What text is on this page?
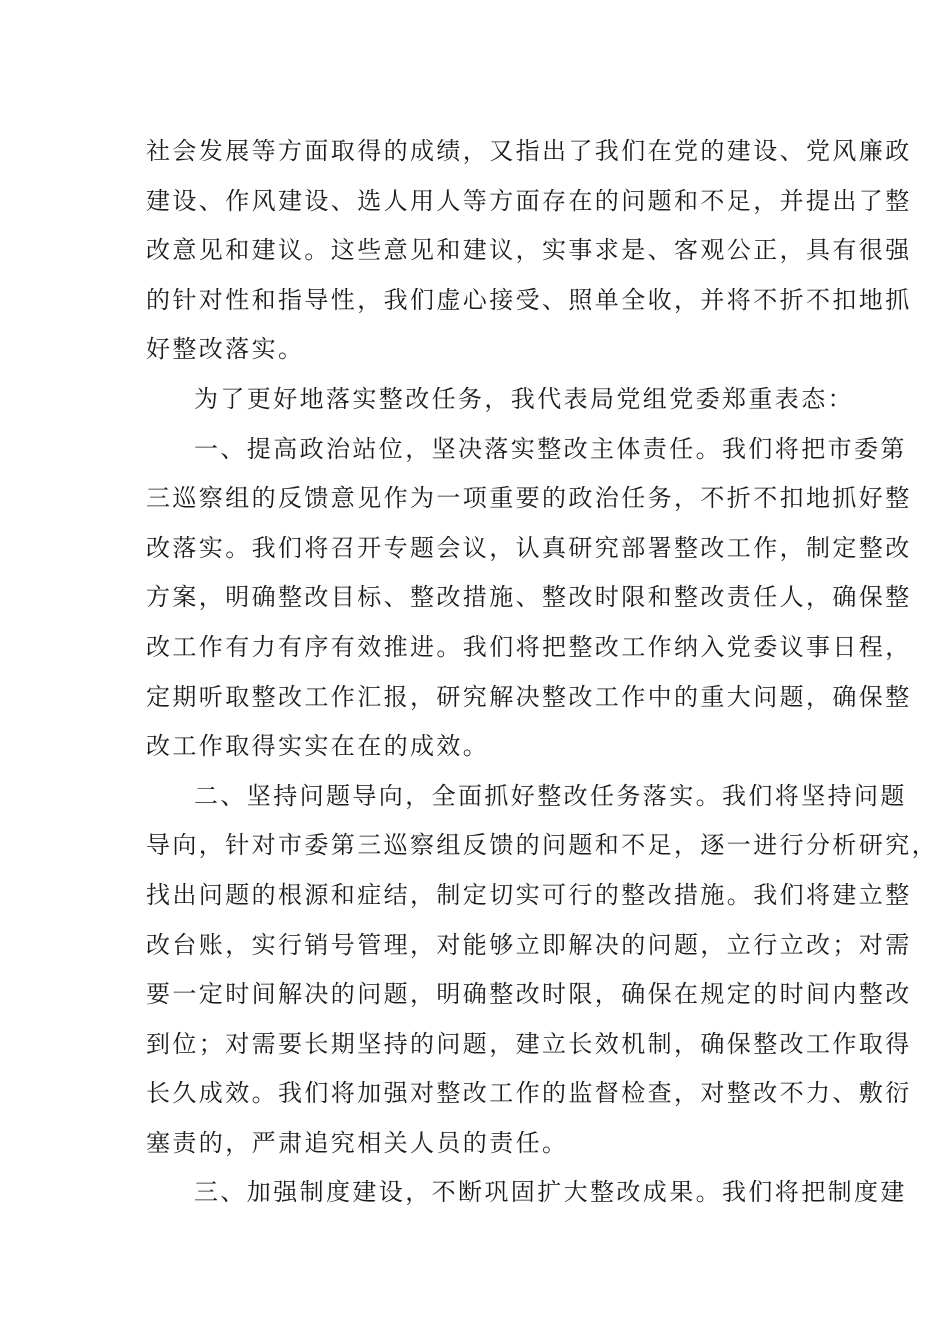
社会发展等方面取得的成绩，又指出了我们在党的建设、党风廉政
建设、作风建设、选人用人等方面存在的问题和不足，并提出了整
改意见和建议。这些意见和建议，实事求是、客观公正，具有很强
的针对性和指导性，我们虚心接受、照单全收，并将不折不扣地抓
好整改落实。
为了更好地落实整改任务，我代表局党组党委郑重表态：
一、提高政治站位，坚决落实整改主体责任。我们将把市委第
三巡察组的反馈意见作为一项重要的政治任务，不折不扣地抓好整
改落实。我们将召开专题会议，认真研究部署整改工作，制定整改
方案，明确整改目标、整改措施、整改时限和整改责任人，确保整
改工作有力有序有效推进。我们将把整改工作纳入党委议事日程，
定期听取整改工作汇报，研究解决整改工作中的重大问题，确保整
改工作取得实实在在的成效。
二、坚持问题导向，全面抓好整改任务落实。我们将坚持问题
导向，针对市委第三巡察组反馈的问题和不足，逐一进行分析研究，
找出问题的根源和症结，制定切实可行的整改措施。我们将建立整
改台账，实行销号管理，对能够立即解决的问题，立行立改；对需
要一定时间解决的问题，明确整改时限，确保在规定的时间内整改
到位；对需要长期坚持的问题，建立长效机制，确保整改工作取得
长久成效。我们将加强对整改工作的监督检查，对整改不力、敷衍
塞责的，严肃追究相关人员的责任。
三、加强制度建设，不断巩固扩大整改成果。我们将把制度建
